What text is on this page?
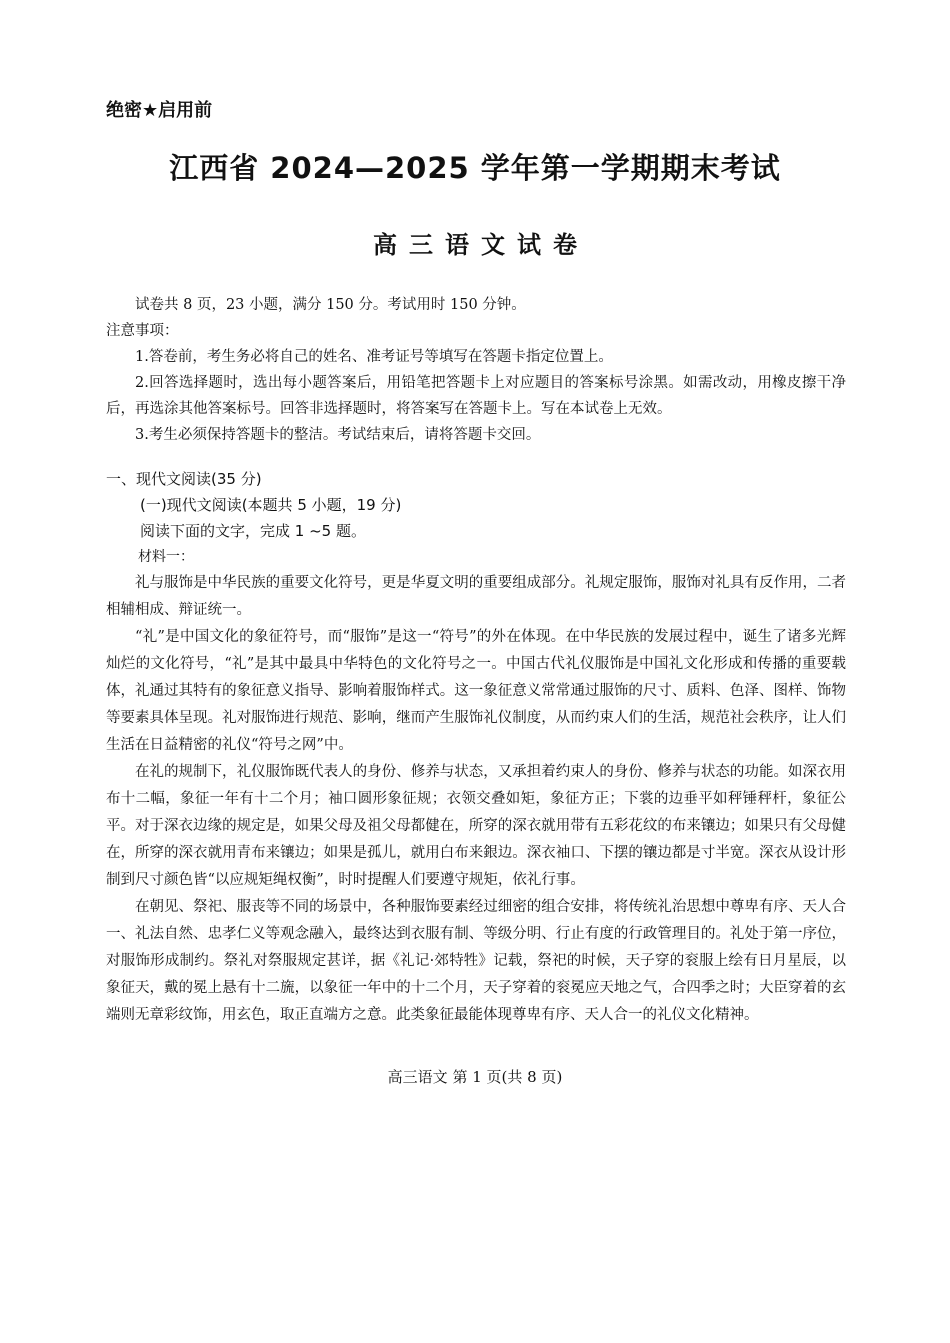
绝密★启用前
江西省 2024—2025 学年第一学期期末考试
高三语文试卷

试卷共 8 页，23 小题，满分 150 分。考试用时 150 分钟。

注意事项：

1.答卷前，考生务必将自己的姓名、准考证号等填写在答题卡指定位置上。

2.回答选择题时，选出每小题答案后，用铅笔把答题卡上对应题目的答案标号涂黑。如需改动，用橡皮擦干净后，再选涂其他答案标号。回答非选择题时，将答案写在答题卡上。写在本试卷上无效。

3.考生必须保持答题卡的整洁。考试结束后，请将答题卡交回。

一、现代文阅读(35 分)

(一)现代文阅读(本题共 5 小题，19 分)

阅读下面的文字，完成 1 ~5 题。

材料一：

礼与服饰是中华民族的重要文化符号，更是华夏文明的重要组成部分。礼规定服饰，服饰对礼具有反作用，二者相辅相成、辩证统一。

“礼”是中国文化的象征符号，而“服饰”是这一“符号”的外在体现。在中华民族的发展过程中，诞生了诸多光辉灿烂的文化符号，“礼”是其中最具中华特色的文化符号之一。中国古代礼仪服饰是中国礼文化形成和传播的重要载体，礼通过其特有的象征意义指导、影响着服饰样式。这一象征意义常常通过服饰的尺寸、质料、色泽、图样、饰物等要素具体呈现。礼对服饰进行规范、影响，继而产生服饰礼仪制度，从而约束人们的生活，规范社会秩序，让人们生活在日益精密的礼仪“符号之网”中。

在礼的规制下，礼仪服饰既代表人的身份、修养与状态，又承担着约束人的身份、修养与状态的功能。如深衣用布十二幅，象征一年有十二个月；袖口圆形象征规；衣领交叠如矩，象征方正；下裳的边垂平如秤锤秤杆，象征公平。对于深衣边缘的规定是，如果父母及祖父母都健在，所穿的深衣就用带有五彩花纹的布来镶边；如果只有父母健在，所穿的深衣就用青布来镶边；如果是孤儿，就用白布来銀边。深衣袖口、下摆的镶边都是寸半宽。深衣从设计形制到尺寸颜色皆“以应规矩绳权衡”，时时提醒人们要遵守规矩，依礼行事。

在朝见、祭祀、服丧等不同的场景中，各种服饰要素经过细密的组合安排，将传统礼治思想中尊卑有序、天人合一、礼法自然、忠孝仁义等观念融入，最终达到衣服有制、等级分明、行止有度的行政管理目的。礼处于第一序位，对服饰形成制约。祭礼对祭服规定甚详，据《礼记·郊特牲》记载，祭祀的时候，天子穿的衮服上绘有日月星辰，以象征天，戴的冕上悬有十二旒，以象征一年中的十二个月，天子穿着的衮冕应天地之气，合四季之时；大臣穿着的玄端则无章彩纹饰，用玄色，取正直端方之意。此类象征最能体现尊卑有序、天人合一的礼仪文化精神。

高三语文 第 1 页(共 8 页)
